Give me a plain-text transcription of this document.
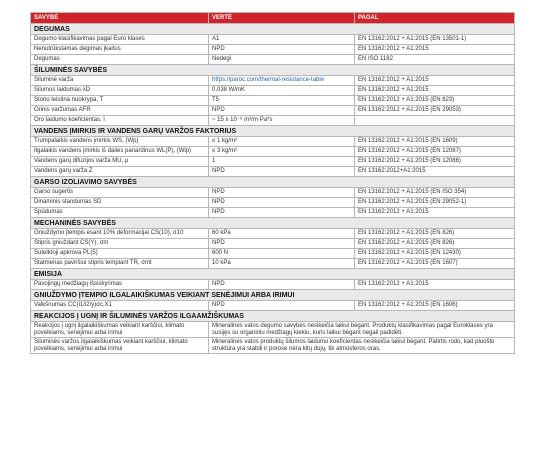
SAVYBĖ	VERTĖ	PAGAL
DEGUMAS		
Degumo klasifikavimas pagal Euro klases	A1	EN 13162:2012 + A1:2015 (EN 13501-1)
Nenutrūkstamas degimas įkaitus	NPD	EN 13162:2012 + A1:2015
Degumas	Nedegi	EN ISO 1182
ŠILUMINĖS SAVYBĖS		
Šiluminė varža	https://paroc.com/thermal-resistance-table	EN 13162:2012 + A1:2015
Šilumos laidumas λD	0,038 W/mK	EN 13162:2012 + A1:2015
Storio leistina nuokrypa, T	T5	EN 13162:2012 + A1:2015 (EN 823)
Orinis varžumas AFR	NPD	EN 13162:2012 + A1:2015 (EN 29053)
Oro laidumo koeficientas, l	~ 15 x 10⁻⁶ m³/m·Pa*s	
VANDENS ĮMIRKIS IR VANDENS GARŲ VARŽOS FAKTORIUS		
Trumpalaikis vandens įmirkis WS, (Wp)	≤ 1 kg/m²	EN 13162:2012 + A1:2015 (EN 1609)
Ilgalaikis vandens įmirkis iš dalies panardinus WL(P), (Wlp)	≤ 3 kg/m²	EN 13162:2012 + A1:2015 (EN 12087)
Vandens garų difuzijos varža MU, μ	1	EN 13162:2012 + A1:2015 (EN 12086)
Vandens garų varža Z	NPD	EN 13162:2012+A1:2015
GARSO IZOLIAVIMO SAVYBĖS		
Garso sugertis	NPD	EN 13162:2012 + A1:2015 (EN ISO 354)
Dinaminis standumas SD	NPD	EN 13162:2012 + A1:2015 (EN 29052-1)
Spūdumas	NPD	EN 13162:2012 + A1:2015
MECHANINĖS SAVYBĖS		
Gniuždymo įtempis esant 10% deformacijai CS(10), σ10	60 kPa	EN 13162:2012 + A1:2015 (EN 826)
Stipris gniuždant CS(Y), σm	NPD	EN 13162:2012 + A1:2015 (EN 826)
Sutelktoji apkrova PL(5)	600 N	EN 13162:2012 + A1:2015 (EN 12430)
Statmenas paviršiui stipris tempiant TR, σmt	10 kPa	EN 13162:2012 + A1:2015 (EN 1607)
EMISIJA		
Pavojingų medžiagų išsiskyrimas	NPD	EN 13162:2012 + A1:2015
GNIUŽDYMO ĮTEMPIO ILGALAIKIŠKUMAS VEIKIANT SENĖJIMUI ARBA IRIMUI		
Valkšnumas CC(i1/i2/y)σc,X1	NPD	EN 13162:2012 + A1:2015 (EN 1606)
REAKCIJOS Į UGNĮ IR ŠILUMINĖS VARŽOS ILGAAMŽIŠKUMAS		
Reakcijos į ugnį ilgalaikiškumas veikiant karščiui, klimato poveikiams, senėjimui arba irimui	Mineralinės vatos degumo savybės nesikeičia laikui bėgant. Produktų klasifikavimas pagal Euroklases yra susijęs su organiniu medžiagų kiekiu, kuris laikui bėgant negali padidėti.	
Šiluminės varžos ilgalaikiškumas veikiant karščiui, klimato poveikiams, senėjimui arba irimui	Mineralinės vatos produktų šilumos laidumo koeficientas nesikeičia laikui bėgant. Patirtis rodo, kad pluošto struktūra yra stabili ir porose nėra kitų dujų, tik atmosferos oras.	
